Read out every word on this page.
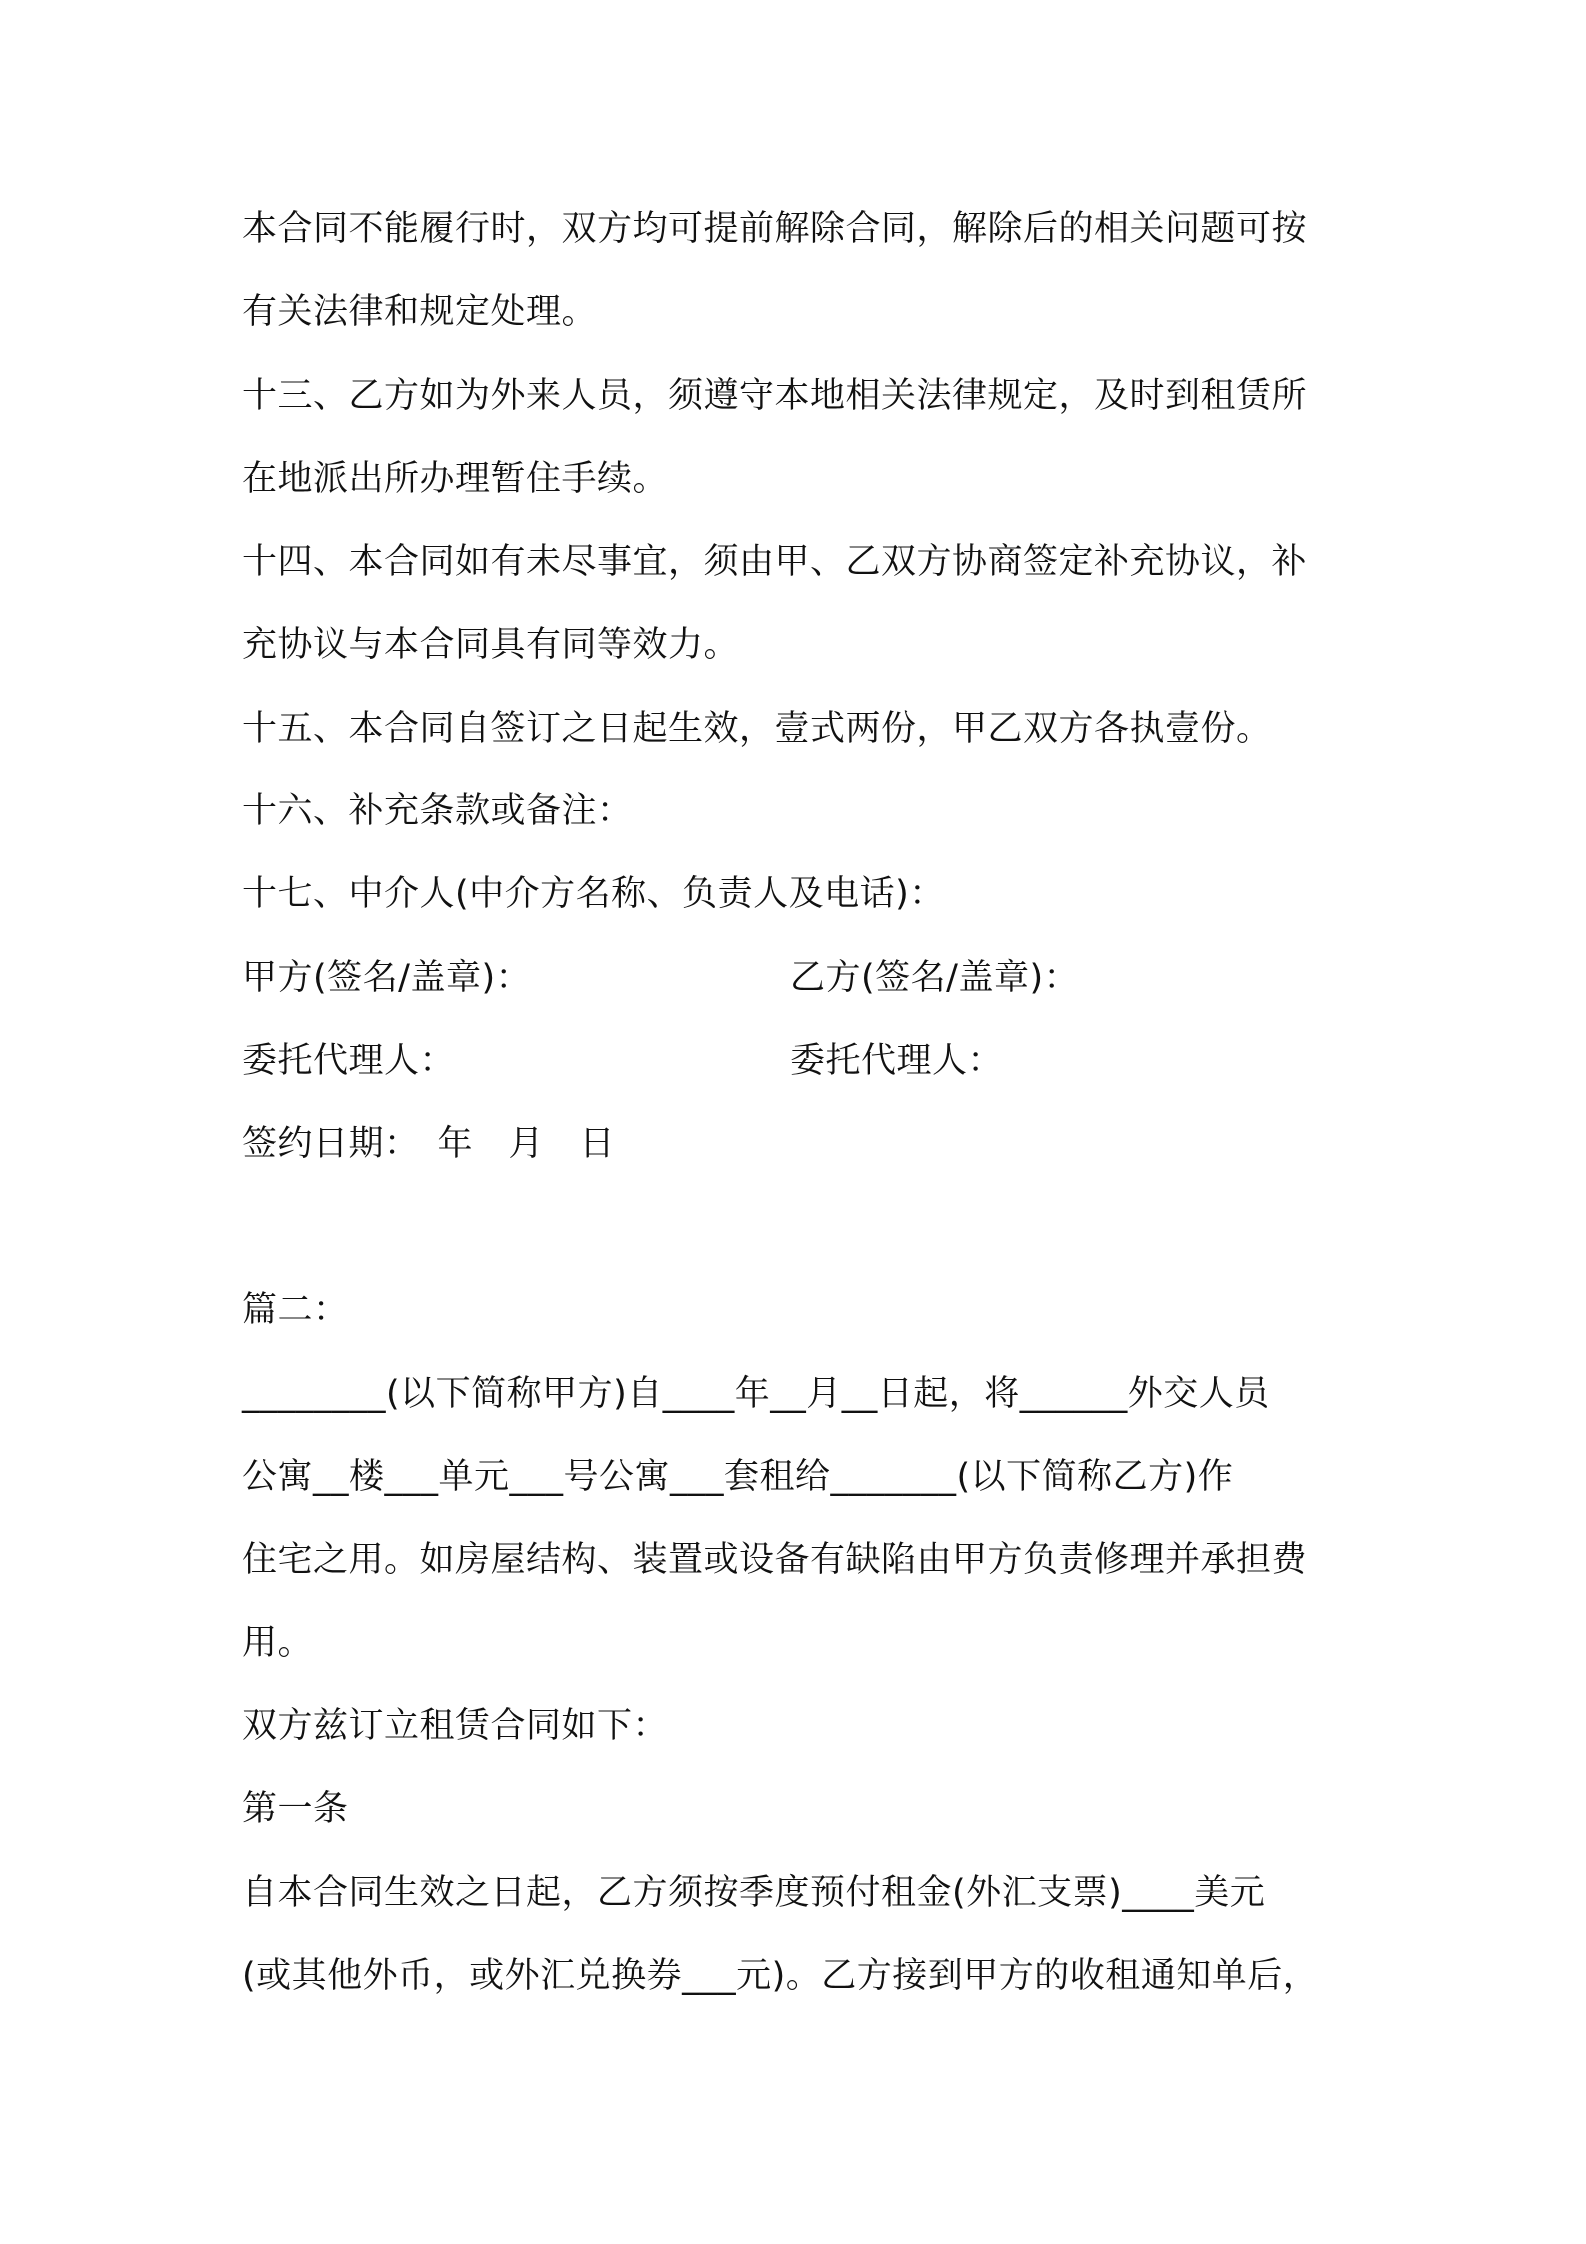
本合同不能履行时，双方均可提前解除合同，解除后的相关问题可按
有关法律和规定处理。
十三、乙方如为外来人员，须遵守本地相关法律规定，及时到租赁所
在地派出所办理暂住手续。
十四、本合同如有未尽事宜，须由甲、乙双方协商签定补充协议，补
充协议与本合同具有同等效力。
十五、本合同自签订之日起生效，壹式两份，甲乙双方各执壹份。
十六、补充条款或备注：
十七、中介人(中介方名称、负责人及电话)：
甲方(签名/盖章)：	乙方(签名/盖章)：
委托代理人：	委托代理人：
签约日期：　年　月　日
篇二：
________(以下简称甲方)自____年__月__日起，将______外交人员
公寓__楼___单元___号公寓___套租给_______(以下简称乙方)作
住宅之用。如房屋结构、装置或设备有缺陷由甲方负责修理并承担费
用。
双方兹订立租赁合同如下：
第一条
自本合同生效之日起，乙方须按季度预付租金(外汇支票)____美元
(或其他外币，或外汇兑换券___元)。乙方接到甲方的收租通知单后，
